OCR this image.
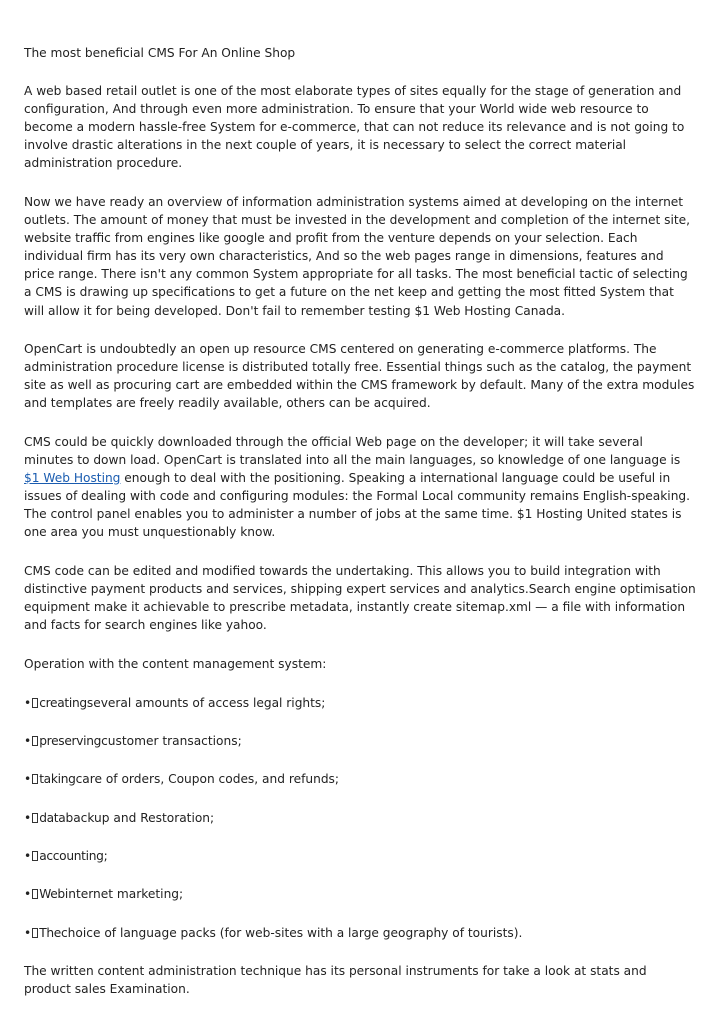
The most beneficial CMS For An Online Shop

A web based retail outlet is one of the most elaborate types of sites equally for the stage of generation and configuration, And through even more administration. To ensure that your World wide web resource to become a modern hassle-free System for e-commerce, that can not reduce its relevance and is not going to involve drastic alterations in the next couple of years, it is necessary to select the correct material administration procedure.

Now we have ready an overview of information administration systems aimed at developing on the internet outlets. The amount of money that must be invested in the development and completion of the internet site, website traffic from engines like google and profit from the venture depends on your selection. Each individual firm has its very own characteristics, And so the web pages range in dimensions, features and price range. There isn't any common System appropriate for all tasks. The most beneficial tactic of selecting a CMS is drawing up specifications to get a future on the net keep and getting the most fitted System that will allow it for being developed. Don't fail to remember testing $1 Web Hosting Canada.

OpenCart is undoubtedly an open up resource CMS centered on generating e-commerce platforms. The administration procedure license is distributed totally free. Essential things such as the catalog, the payment site as well as procuring cart are embedded within the CMS framework by default. Many of the extra modules and templates are freely readily available, others can be acquired.

CMS could be quickly downloaded through the official Web page on the developer; it will take several minutes to down load. OpenCart is translated into all the main languages, so knowledge of one language is $1 Web Hosting enough to deal with the positioning. Speaking a international language could be useful in issues of dealing with code and configuring modules: the Formal Local community remains English-speaking. The control panel enables you to administer a number of jobs at the same time. $1 Hosting United states is one area you must unquestionably know.

CMS code can be edited and modified towards the undertaking. This allows you to build integration with distinctive payment products and services, shipping expert services and analytics.Search engine optimisation equipment make it achievable to prescribe metadata, instantly create sitemap.xml — a file with information and facts for search engines like yahoo.

Operation with the content management system:

• creatingseveral amounts of access legal rights;
• preservingcustomer transactions;
• takingcare of orders, Coupon codes, and refunds;
• databackup and Restoration;
• accounting;
• Webinternet marketing;
• Thechoice of language packs (for web-sites with a large geography of tourists).

The written content administration technique has its personal instruments for take a look at stats and product sales Examination.
